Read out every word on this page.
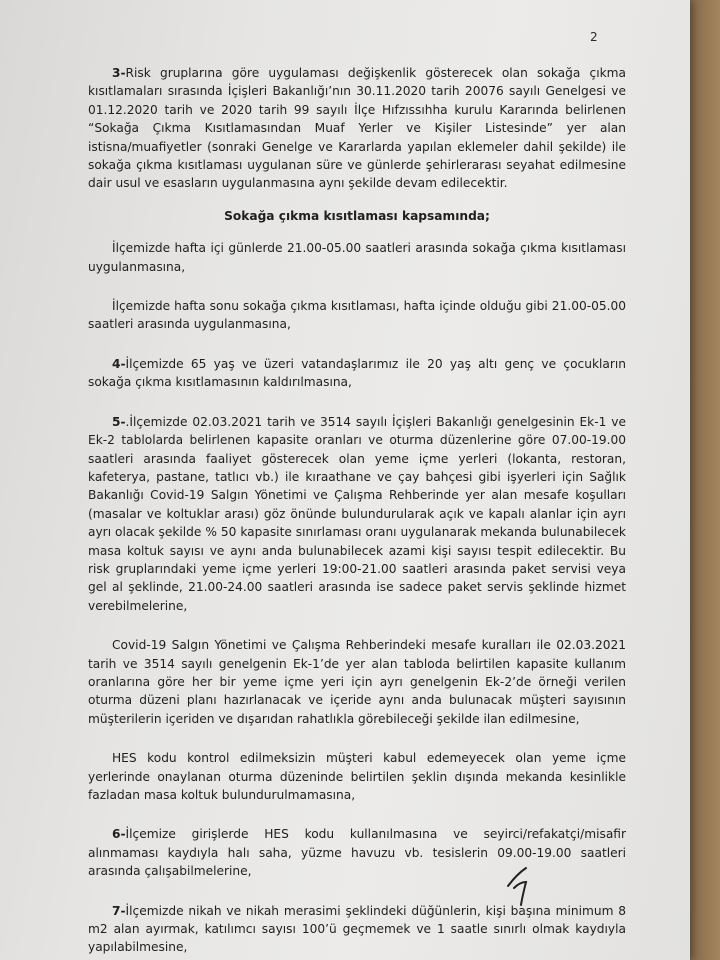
2

3-Risk gruplarına göre uygulaması değişkenlik gösterecek olan sokağa çıkma kısıtlamaları sırasında İçişleri Bakanlığı’nın 30.11.2020 tarih 20076 sayılı Genelgesi ve 01.12.2020 tarih ve 2020 tarih 99 sayılı İlçe Hıfzıssıhha kurulu Kararında belirlenen “Sokağa Çıkma Kısıtlamasından Muaf Yerler ve Kişiler Listesinde” yer alan istisna/muafiyetler (sonraki Genelge ve Kararlarda yapılan eklemeler dahil şekilde) ile sokağa çıkma kısıtlaması uygulanan süre ve günlerde şehirlerarası seyahat edilmesine dair usul ve esasların uygulanmasına aynı şekilde devam edilecektir.

Sokağa çıkma kısıtlaması kapsamında;

İlçemizde hafta içi günlerde 21.00-05.00 saatleri arasında sokağa çıkma kısıtlaması uygulanmasına,

İlçemizde hafta sonu sokağa çıkma kısıtlaması, hafta içinde olduğu gibi 21.00-05.00 saatleri arasında uygulanmasına,

4-İlçemizde 65 yaş ve üzeri vatandaşlarımız ile 20 yaş altı genç ve çocukların sokağa çıkma kısıtlamasının kaldırılmasına,

5-.İlçemizde 02.03.2021 tarih ve 3514 sayılı İçişleri Bakanlığı genelgesinin Ek-1 ve Ek-2 tablolarda belirlenen kapasite oranları ve oturma düzenlerine göre 07.00-19.00 saatleri arasında faaliyet gösterecek olan yeme içme yerleri (lokanta, restoran, kafeterya, pastane, tatlıcı vb.) ile kıraathane ve çay bahçesi gibi işyerleri için Sağlık Bakanlığı Covid-19 Salgın Yönetimi ve Çalışma Rehberinde yer alan mesafe koşulları (masalar ve koltuklar arası) göz önünde bulundurularak açık ve kapalı alanlar için ayrı ayrı olacak şekilde % 50 kapasite sınırlaması oranı uygulanarak mekanda bulunabilecek masa koltuk sayısı ve aynı anda bulunabilecek azami kişi sayısı tespit edilecektir. Bu risk gruplarındaki yeme içme yerleri 19:00-21.00 saatleri arasında paket servisi veya gel al şeklinde, 21.00-24.00 saatleri arasında ise sadece paket servis şeklinde hizmet verebilmelerine,

Covid-19 Salgın Yönetimi ve Çalışma Rehberindeki mesafe kuralları ile 02.03.2021 tarih ve 3514 sayılı genelgenin Ek-1’de yer alan tabloda belirtilen kapasite kullanım oranlarına göre her bir yeme içme yeri için ayrı genelgenin Ek-2’de örneği verilen oturma düzeni planı hazırlanacak ve içeride aynı anda bulunacak müşteri sayısının müşterilerin içeriden ve dışarıdan rahatlıkla görebileceği şekilde ilan edilmesine,

HES kodu kontrol edilmeksizin müşteri kabul edemeyecek olan yeme içme yerlerinde onaylanan oturma düzeninde belirtilen şeklin dışında mekanda kesinlikle fazladan masa koltuk bulundurulmamasına,

6-İlçemize girişlerde HES kodu kullanılmasına ve seyirci/refakatçi/misafir alınmaması kaydıyla halı saha, yüzme havuzu vb. tesislerin 09.00-19.00 saatleri arasında çalışabilmelerine,

7-İlçemizde nikah ve nikah merasimi şeklindeki düğünlerin, kişi başına minimum 8 m2 alan ayırmak, katılımcı sayısı 100’ü geçmemek ve 1 saatle sınırlı olmak kaydıyla yapılabilmesine,
